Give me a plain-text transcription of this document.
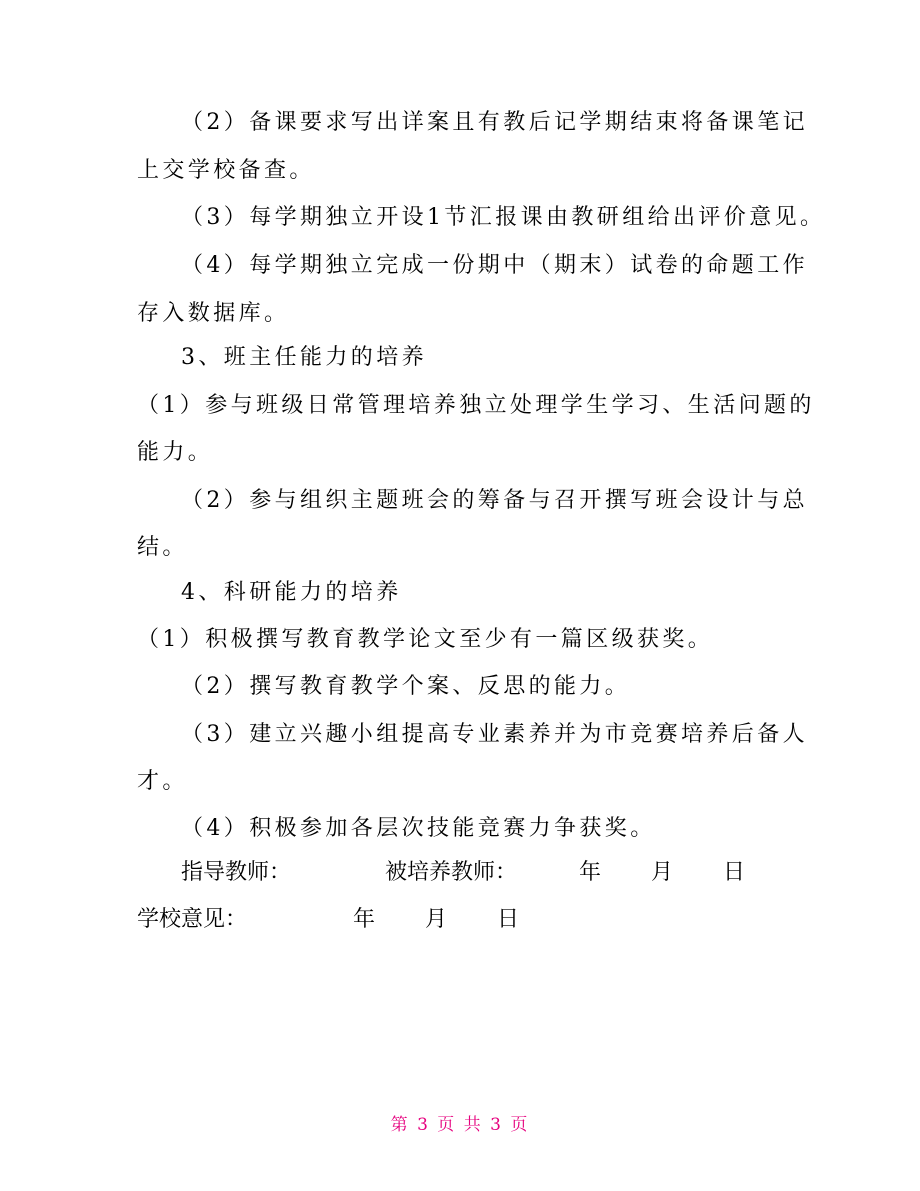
（2）备课要求写出详案且有教后记学期结束将备课笔记
上交学校备查。
（3）每学期独立开设1节汇报课由教研组给出评价意见。
（4）每学期独立完成一份期中（期末）试卷的命题工作
存入数据库。
3、班主任能力的培养
（1）参与班级日常管理培养独立处理学生学习、生活问题的
能力。
（2）参与组织主题班会的筹备与召开撰写班会设计与总
结。
4、科研能力的培养
（1）积极撰写教育教学论文至少有一篇区级获奖。
（2）撰写教育教学个案、反思的能力。
（3）建立兴趣小组提高专业素养并为市竞赛培养后备人
才。
（4）积极参加各层次技能竞赛力争获奖。
指导教师：	被培养教师：	年 月 日
学校意见：	年 月 日
第 3 页 共 3 页
